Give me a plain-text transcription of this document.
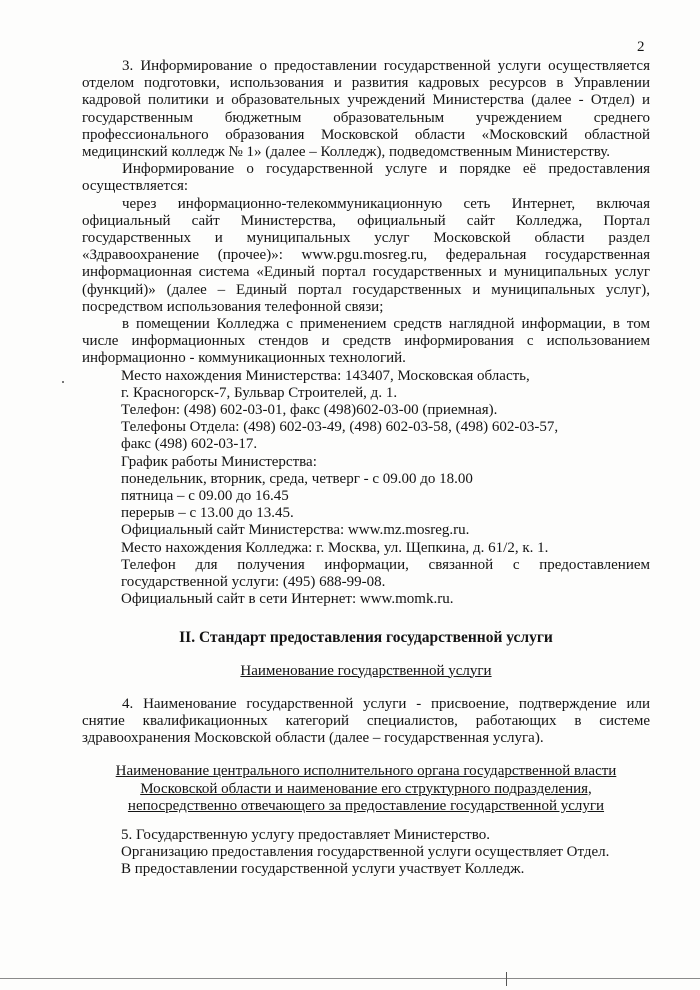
2

3. Информирование о предоставлении государственной услуги осуществляется отделом подготовки, использования и развития кадровых ресурсов в Управлении кадровой политики и образовательных учреждений Министерства (далее - Отдел) и государственным бюджетным образовательным учреждением среднего профессионального образования Московской области «Московский областной медицинский колледж № 1» (далее – Колледж), подведомственным Министерству.

Информирование о государственной услуге и порядке её предоставления осуществляется:

через информационно-телекоммуникационную сеть Интернет, включая официальный сайт Министерства, официальный сайт Колледжа, Портал государственных и муниципальных услуг Московской области раздел «Здравоохранение (прочее)»: www.pgu.mosreg.ru, федеральная государственная информационная система «Единый портал государственных и муниципальных услуг (функций)» (далее – Единый портал государственных и муниципальных услуг), посредством использования телефонной связи;

в помещении Колледжа с применением средств наглядной информации, в том числе информационных стендов и средств информирования с использованием информационно - коммуникационных технологий.

Место нахождения Министерства: 143407, Московская область,

г. Красногорск-7, Бульвар Строителей, д. 1.

Телефон: (498) 602-03-01, факс (498)602-03-00 (приемная).

Телефоны Отдела: (498) 602-03-49, (498) 602-03-58, (498) 602-03-57,

факс (498) 602-03-17.

График работы Министерства:

понедельник, вторник, среда, четверг - с 09.00 до 18.00

пятница – с 09.00 до 16.45

перерыв – с 13.00 до 13.45.

Официальный сайт Министерства: www.mz.mosreg.ru.

Место нахождения Колледжа: г. Москва, ул. Щепкина, д. 61/2, к. 1.

Телефон для получения информации, связанной с предоставлением государственной услуги: (495) 688-99-08.

Официальный сайт в сети Интернет: www.momk.ru.

II. Стандарт предоставления государственной услуги

Наименование государственной услуги

4. Наименование государственной услуги - присвоение, подтверждение или снятие квалификационных категорий специалистов, работающих в системе здравоохранения Московской области (далее – государственная услуга).

Наименование центрального исполнительного органа государственной власти

Московской области и наименование его структурного подразделения,

непосредственно отвечающего за предоставление государственной услуги

5. Государственную услугу предоставляет Министерство.

Организацию предоставления государственной услуги осуществляет Отдел.

В предоставлении государственной услуги участвует Колледж.
